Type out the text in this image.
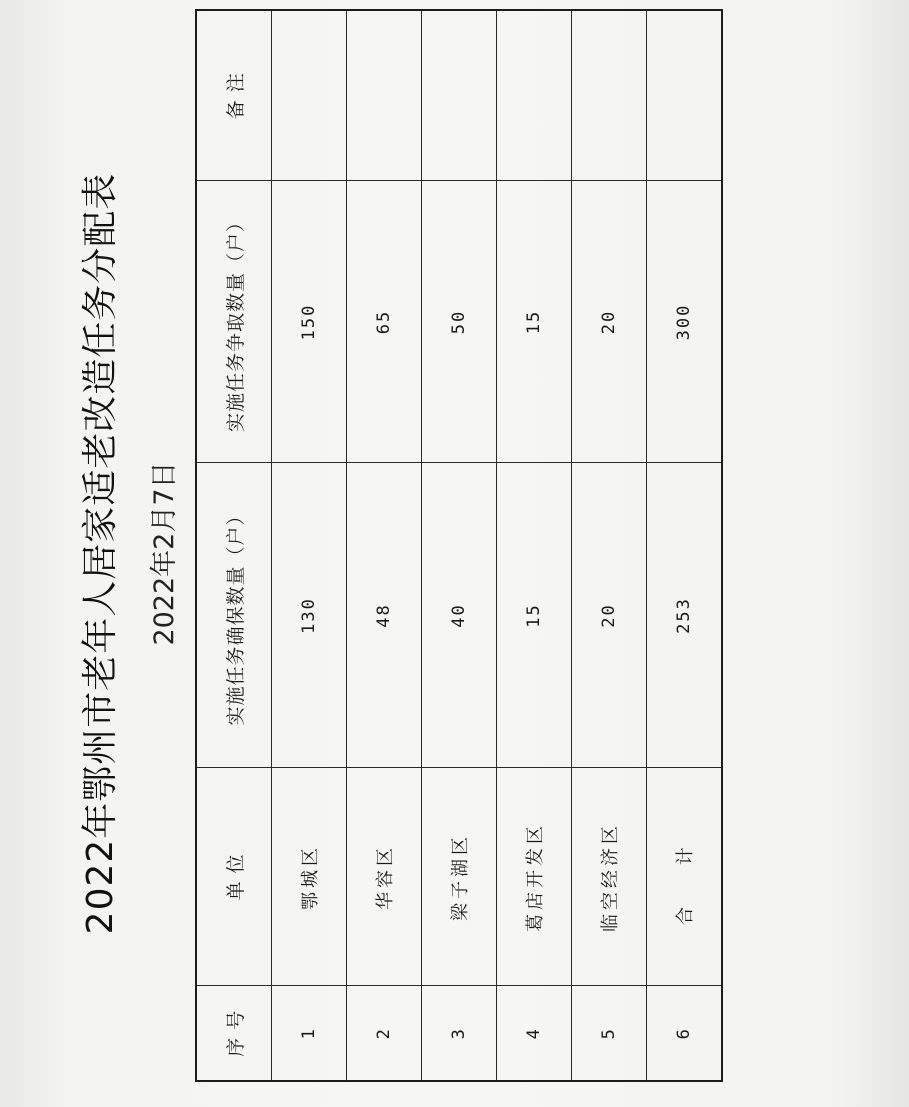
2022年鄂州市老年人居家适老改造任务分配表 2022年2月7日
序 号	单 位	实施任务确保数量（户）	实施任务争取数量（户）	备 注
1	鄂城区	130	150	
2	华容区	48	65	
3	梁子湖区	40	50	
4	葛店开发区	15	15	
5	临空经济区	20	20	
6	合 计	253	300	
